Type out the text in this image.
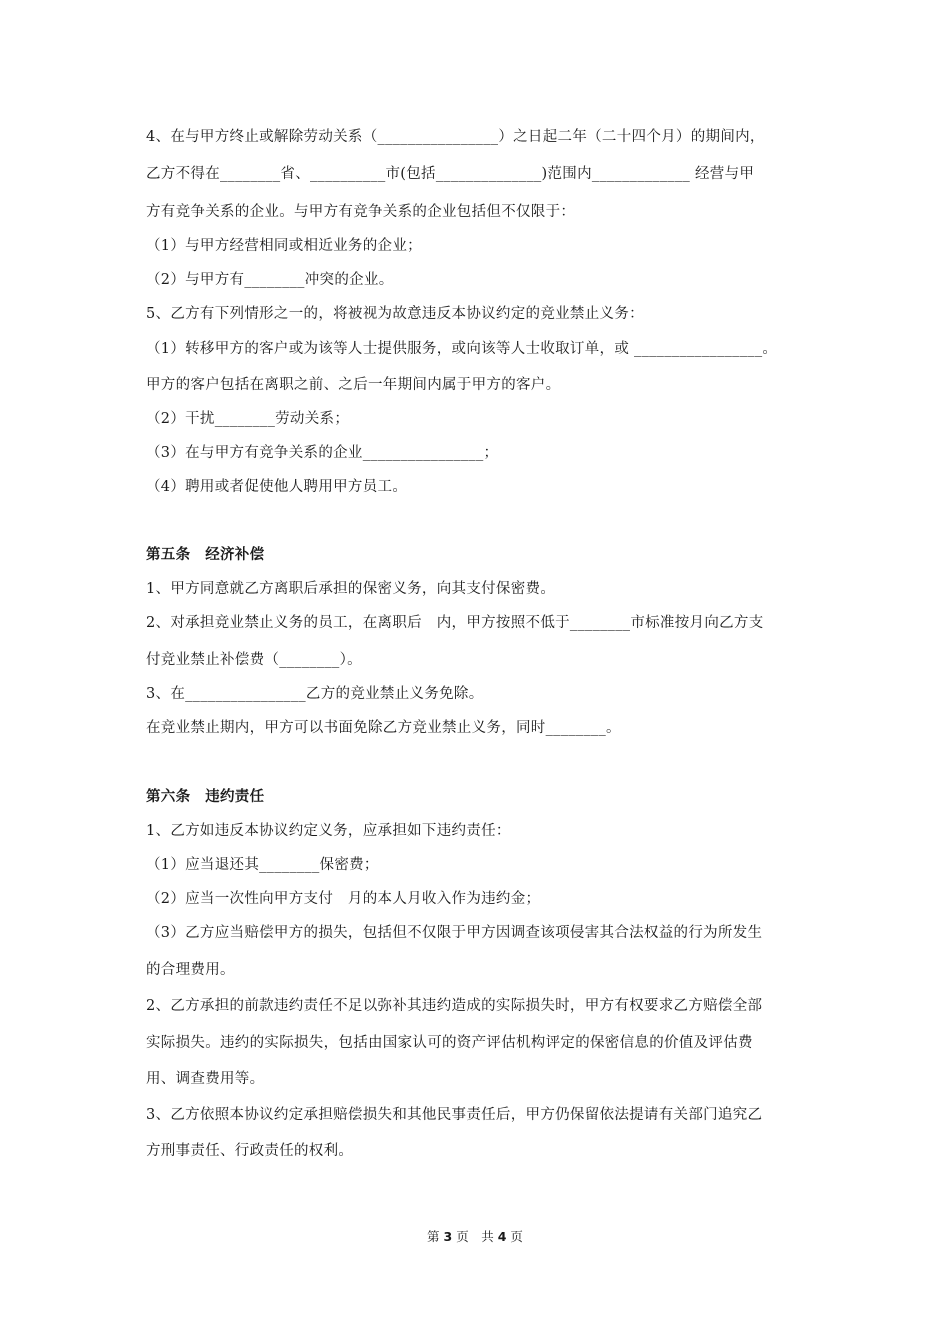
4、在与甲方终止或解除劳动关系（________________）之日起二年（二十四个月）的期间内，
乙方不得在________省、__________市(包括______________)范围内_____________ 经营与甲
方有竞争关系的企业。与甲方有竞争关系的企业包括但不仅限于：
（1）与甲方经营相同或相近业务的企业；
（2）与甲方有________冲突的企业。
5、乙方有下列情形之一的，将被视为故意违反本协议约定的竞业禁止义务：
（1）转移甲方的客户或为该等人士提供服务，或向该等人士收取订单，或 _________________。
甲方的客户包括在离职之前、之后一年期间内属于甲方的客户。
（2）干扰________劳动关系；
（3）在与甲方有竞争关系的企业________________；
（4）聘用或者促使他人聘用甲方员工。
第五条　经济补偿
1、甲方同意就乙方离职后承担的保密义务，向其支付保密费。
2、对承担竞业禁止义务的员工，在离职后　内，甲方按照不低于________市标准按月向乙方支
付竞业禁止补偿费（________）。
3、在________________乙方的竞业禁止义务免除。
在竞业禁止期内，甲方可以书面免除乙方竞业禁止义务，同时________。
第六条　违约责任
1、乙方如违反本协议约定义务，应承担如下违约责任：
（1）应当退还其________保密费；
（2）应当一次性向甲方支付　月的本人月收入作为违约金；
（3）乙方应当赔偿甲方的损失，包括但不仅限于甲方因调查该项侵害其合法权益的行为所发生
的合理费用。
2、乙方承担的前款违约责任不足以弥补其违约造成的实际损失时，甲方有权要求乙方赔偿全部
实际损失。违约的实际损失，包括由国家认可的资产评估机构评定的保密信息的价值及评估费
用、调查费用等。
3、乙方依照本协议约定承担赔偿损失和其他民事责任后，甲方仍保留依法提请有关部门追究乙
方刑事责任、行政责任的权利。
第 3 页　共 4 页
